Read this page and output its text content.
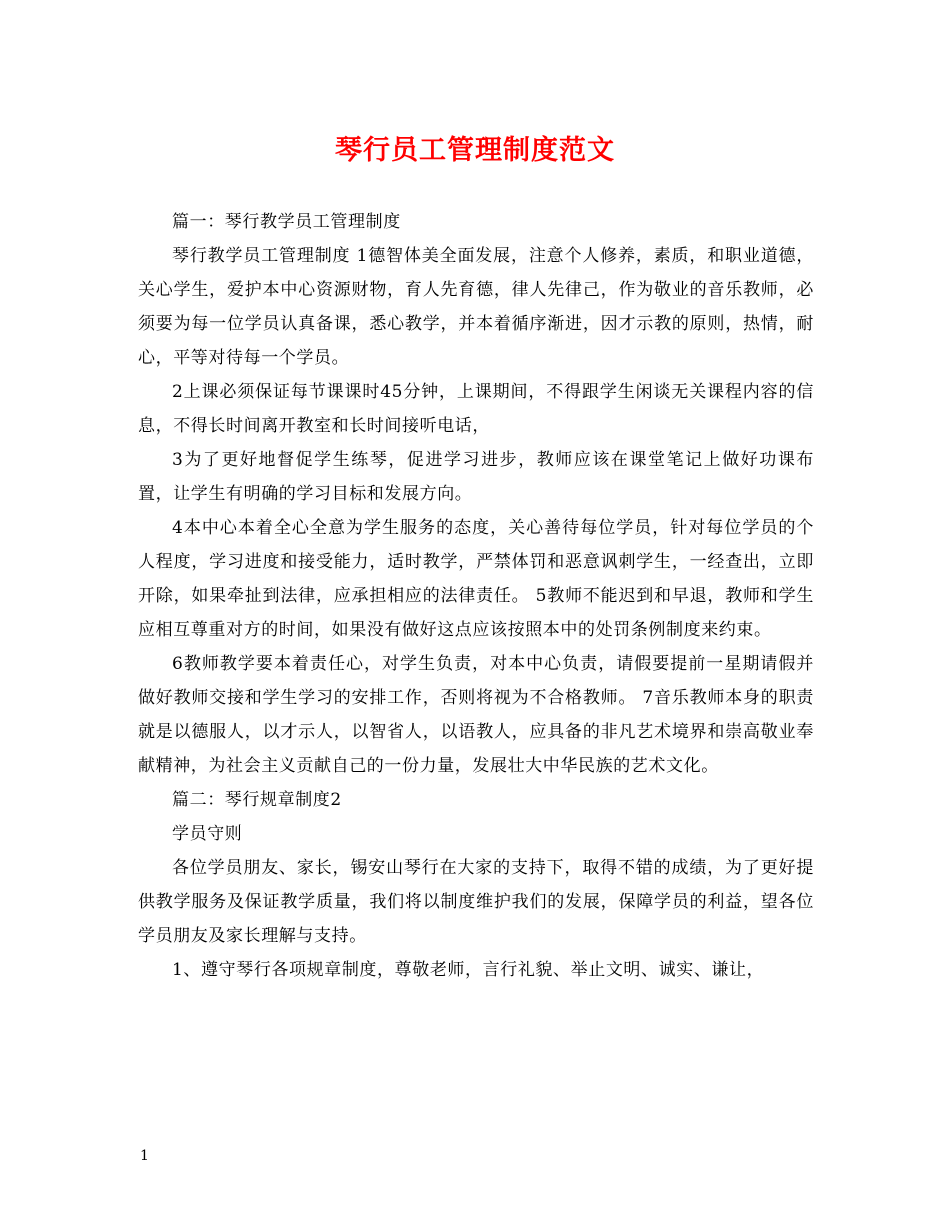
琴行员工管理制度范文

篇一：琴行教学员工管理制度

琴行教学员工管理制度 1德智体美全面发展，注意个人修养，素质，和职业道德，关心学生，爱护本中心资源财物，育人先育德，律人先律己，作为敬业的音乐教师，必须要为每一位学员认真备课，悉心教学，并本着循序渐进，因才示教的原则，热情，耐心，平等对待每一个学员。

2上课必须保证每节课课时45分钟，上课期间，不得跟学生闲谈无关课程内容的信息，不得长时间离开教室和长时间接听电话，

3为了更好地督促学生练琴，促进学习进步，教师应该在课堂笔记上做好功课布置，让学生有明确的学习目标和发展方向。

4本中心本着全心全意为学生服务的态度，关心善待每位学员，针对每位学员的个人程度，学习进度和接受能力，适时教学，严禁体罚和恶意讽刺学生，一经查出，立即开除，如果牵扯到法律，应承担相应的法律责任。 5教师不能迟到和早退，教师和学生应相互尊重对方的时间，如果没有做好这点应该按照本中的处罚条例制度来约束。

6教师教学要本着责任心，对学生负责，对本中心负责，请假要提前一星期请假并做好教师交接和学生学习的安排工作，否则将视为不合格教师。 7音乐教师本身的职责就是以德服人，以才示人，以智省人，以语教人，应具备的非凡艺术境界和崇高敬业奉献精神，为社会主义贡献自己的一份力量，发展壮大中华民族的艺术文化。

篇二：琴行规章制度2

学员守则

各位学员朋友、家长，锡安山琴行在大家的支持下，取得不错的成绩，为了更好提供教学服务及保证教学质量，我们将以制度维护我们的发展，保障学员的利益，望各位学员朋友及家长理解与支持。

1、遵守琴行各项规章制度，尊敬老师，言行礼貌、举止文明、诚实、谦让，

1
